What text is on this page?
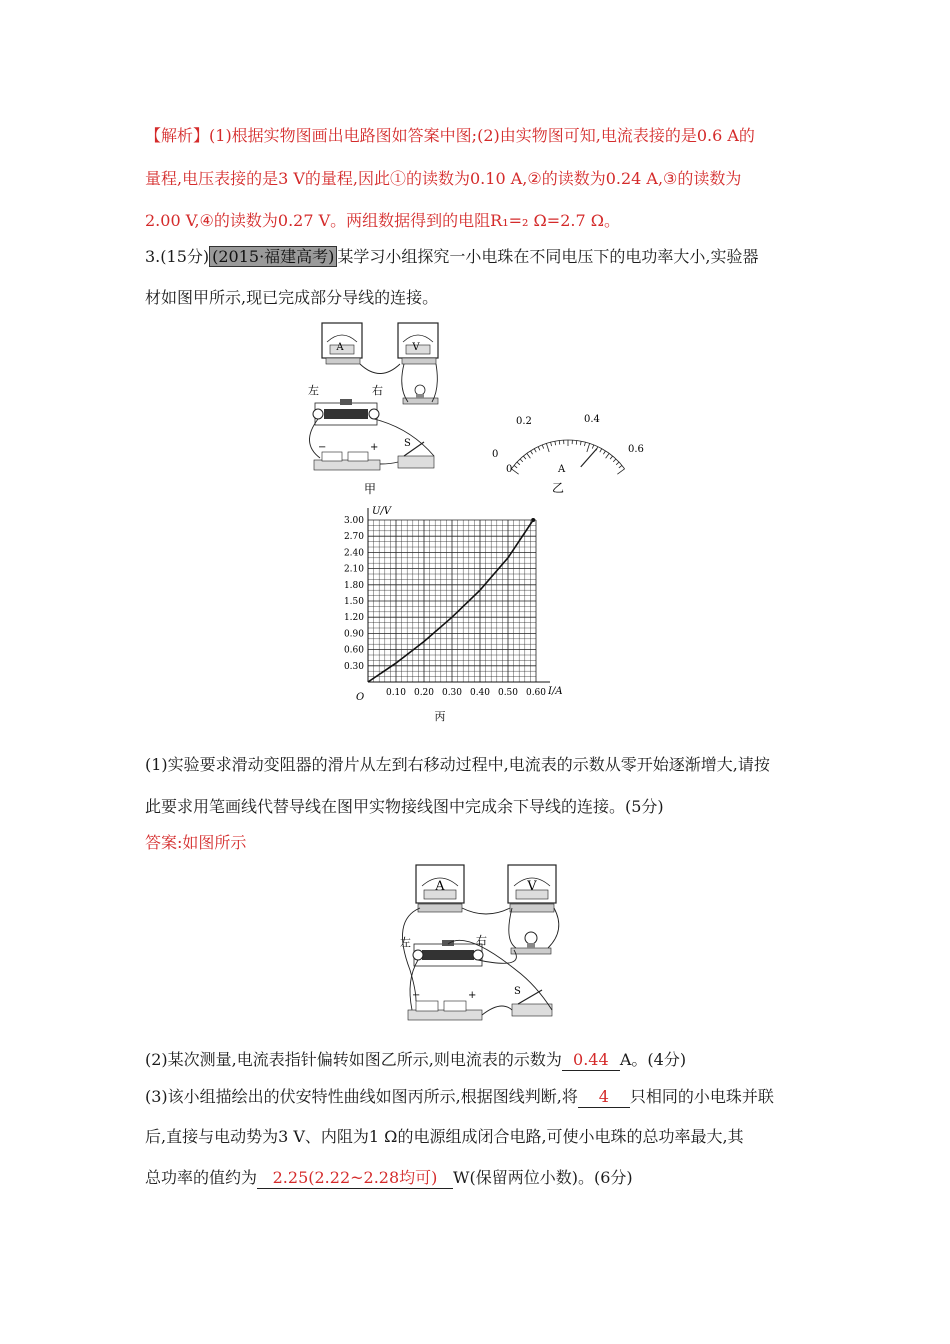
【解析】(1)根据实物图画出电路图如答案中图;(2)由实物图可知,电流表接的是0.6 A的
量程,电压表接的是3 V的量程,因此①的读数为0.10 A,②的读数为0.24 A,③的读数为
2.00 V,④的读数为0.27 V。两组数据得到的电阻R₁=₂ Ω=2.7 Ω。
3.(15分) (2015·福建高考) 某学习小组探究一小电珠在不同电压下的电功率大小,实验器
材如图甲所示,现已完成部分导线的连接。
A	V
左	右
−	+	S
甲
0
0.2	0.4
0.6
0	A
乙
0.30
0.60
0.90
1.20
1.50
1.80
2.10
2.40
2.70
3.00
0.10 0.20 0.30 0.40 0.50 0.60
U/V
I/A
O
丙
(1)实验要求滑动变阻器的滑片从左到右移动过程中,电流表的示数从零开始逐渐增大,请按
此要求用笔画线代替导线在图甲实物接线图中完成余下导线的连接。(5分)
答案:如图所示
A	V
左	右
−	+	S
(2)某次测量,电流表指针偏转如图乙所示,则电流表的示数为 0.44 A。(4分)
(3)该小组描绘出的伏安特性曲线如图丙所示,根据图线判断,将 4 只相同的小电珠并联
后,直接与电动势为3 V、内阻为1 Ω的电源组成闭合电路,可使小电珠的总功率最大,其
总功率的值约为 2.25(2.22~2.28均可) W(保留两位小数)。(6分)
